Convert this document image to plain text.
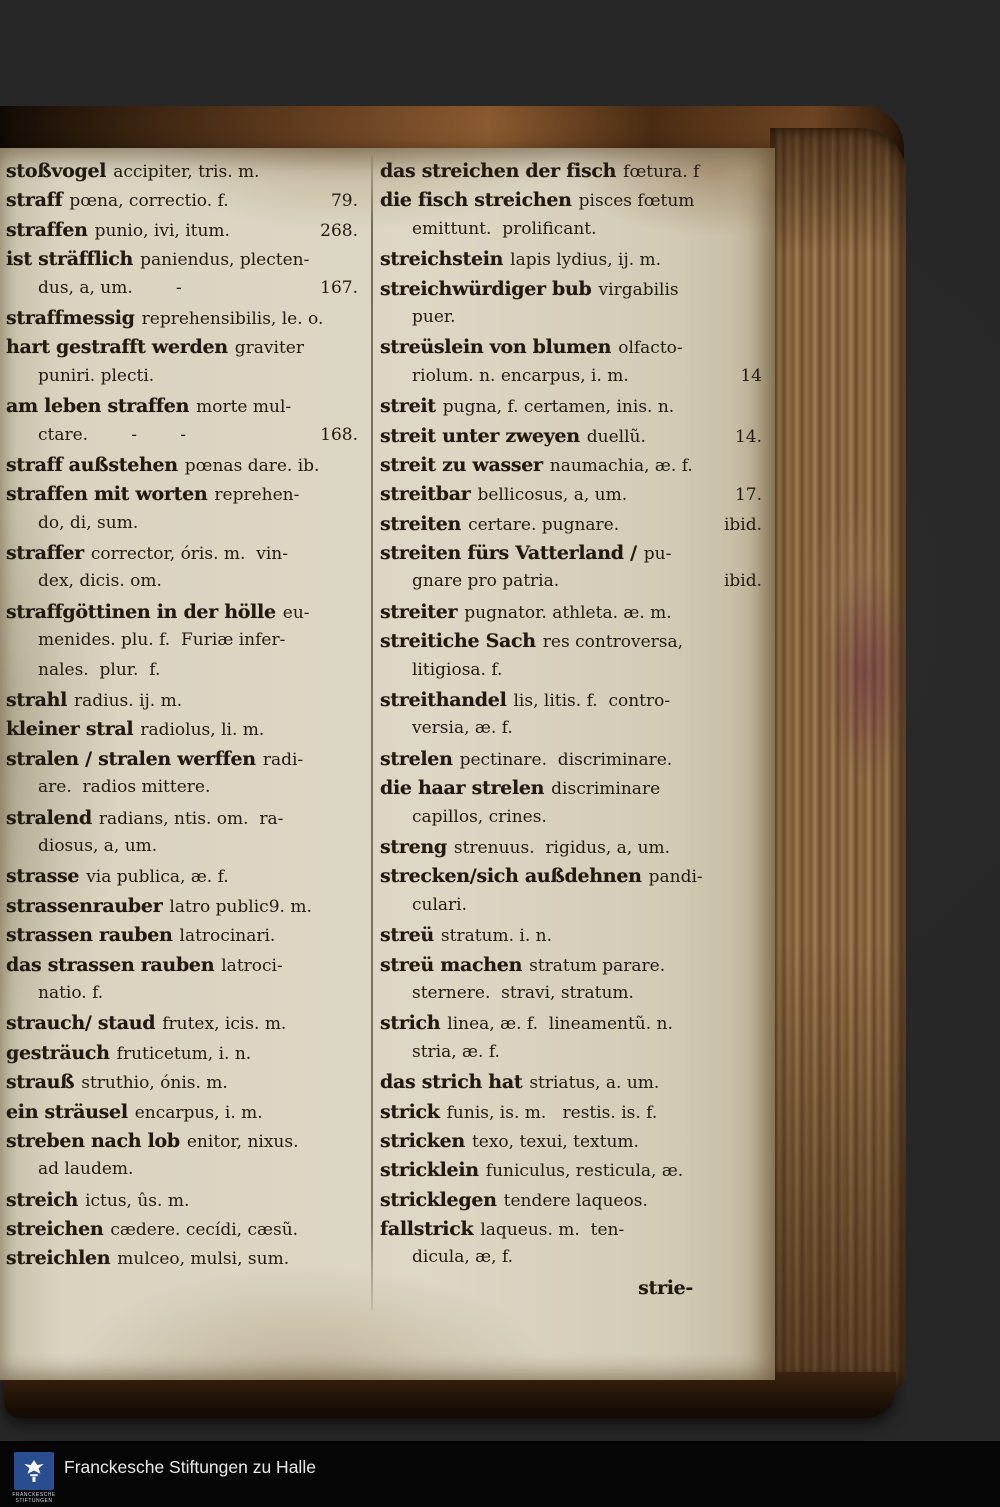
stoßvogel accipiter, tris. m.
straff pœna, correctio. f.	79.
straffen punio, ivi, itum.	268.
ist sträfflich paniendus, plecten-
dus, a, um.        -	167.
straffmessig reprehensibilis, le. o.
hart gestrafft werden graviter
puniri. plecti.
am leben straffen morte mul-
ctare.        -        -	168.
straff außstehen pœnas dare. ib.
straffen mit worten reprehen-
do, di, sum.
straffer corrector, óris. m.  vin-
dex, dicis. om.
straffgöttinen in der hölle eu-
menides. plu. f.  Furiæ infer-
nales.  plur.  f.
strahl radius. ij. m.
kleiner stral radiolus, li. m.
stralen / stralen werffen radi-
are.  radios mittere.
stralend radians, ntis. om.  ra-
diosus, a, um.
strasse via publica, æ. f.
strassenrauber latro public9. m.
strassen rauben latrocinari.
das strassen rauben latroci-
natio. f.
strauch/ staud frutex, icis. m.
gesträuch fruticetum, i. n.
strauß struthio, ónis. m.
ein sträusel encarpus, i. m.
streben nach lob enitor, nixus.
ad laudem.
streich ictus, ûs. m.
streichen cædere. cecídi, cæsũ.
streichlen mulceo, mulsi, sum.
das streichen der fisch fœtura. f
die fisch streichen pisces fœtum
emittunt.  prolificant.
streichstein lapis lydius, ij. m.
streichwürdiger bub virgabilis
puer.
streüslein von blumen olfacto-
riolum. n. encarpus, i. m.	14
streit pugna, f. certamen, inis. n.
streit unter zweyen duellũ.	14.
streit zu wasser naumachia, æ. f.
streitbar bellicosus, a, um.	17.
streiten certare. pugnare.	ibid.
streiten fürs Vatterland / pu-
gnare pro patria.	ibid.
streiter pugnator. athleta. æ. m.
streitiche Sach res controversa,
litigiosa. f.
streithandel lis, litis. f.  contro-
versia, æ. f.
strelen pectinare.  discriminare.
die haar strelen discriminare
capillos, crines.
streng strenuus.  rigidus, a, um.
strecken/sich außdehnen pandi-
culari.
streü stratum. i. n.
streü machen stratum parare.
sternere.  stravi, stratum.
strich linea, æ. f.  lineamentũ. n.
stria, æ. f.
das strich hat striatus, a. um.
strick funis, is. m.   restis. is. f.
stricken texo, texui, textum.
stricklein funiculus, resticula, æ.
stricklegen tendere laqueos.
fallstrick laqueus. m.  ten-
dicula, æ, f.
strie-
FRANCKESCHE
STIFTUNGEN
Franckesche Stiftungen zu Halle
